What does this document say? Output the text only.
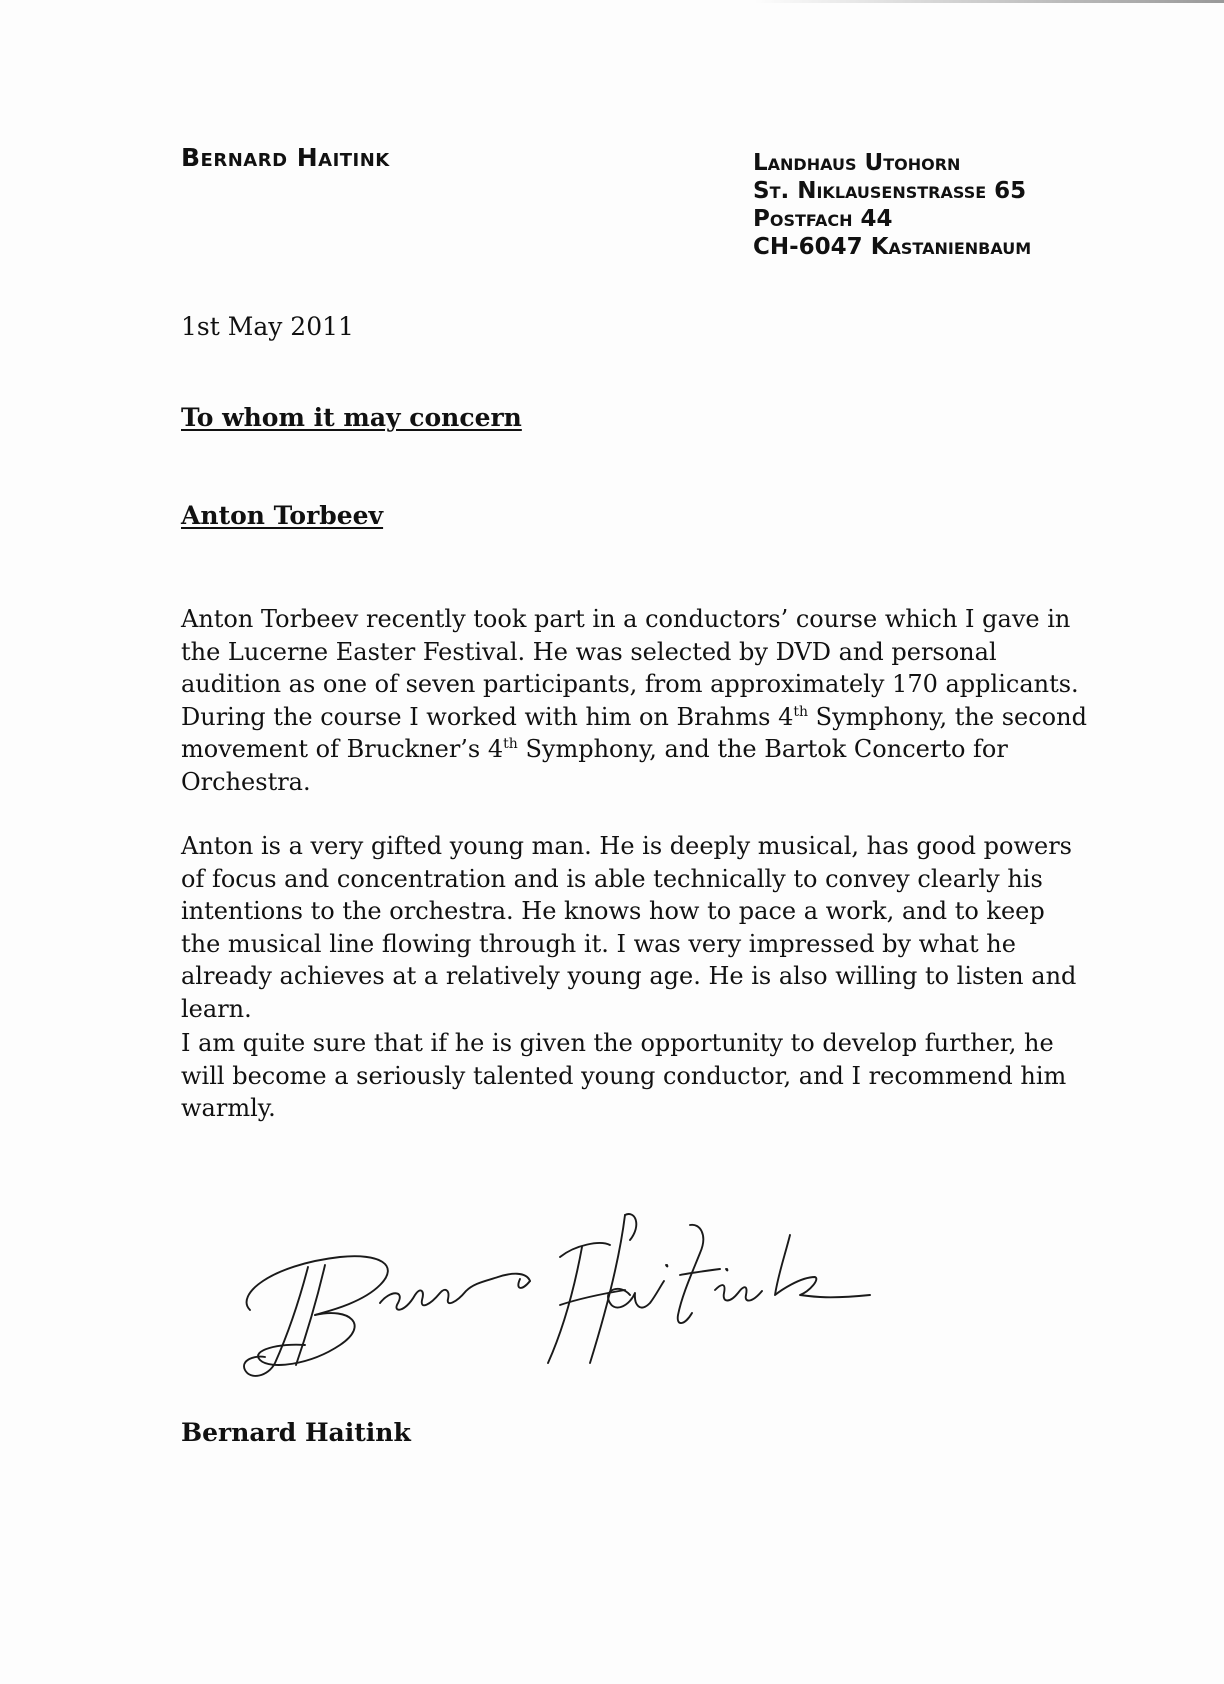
Bernard Haitink	Landhaus Utohorn
St. Niklausenstrasse 65
Postfach 44
CH-6047 Kastanienbaum
1st May 2011
To whom it may concern
Anton Torbeev

Anton Torbeev recently took part in a conductors’ course which I gave in the Lucerne Easter Festival. He was selected by DVD and personal audition as one of seven participants, from approximately 170 applicants. During the course I worked with him on Brahms 4th Symphony, the second movement of Bruckner’s 4th Symphony, and the Bartok Concerto for Orchestra.

Anton is a very gifted young man. He is deeply musical, has good powers of focus and concentration and is able technically to convey clearly his intentions to the orchestra. He knows how to pace a work, and to keep the musical line flowing through it. I was very impressed by what he already achieves at a relatively young age. He is also willing to listen and learn.

I am quite sure that if he is given the opportunity to develop further, he will become a seriously talented young conductor, and I recommend him warmly.

Bernard Haitink
